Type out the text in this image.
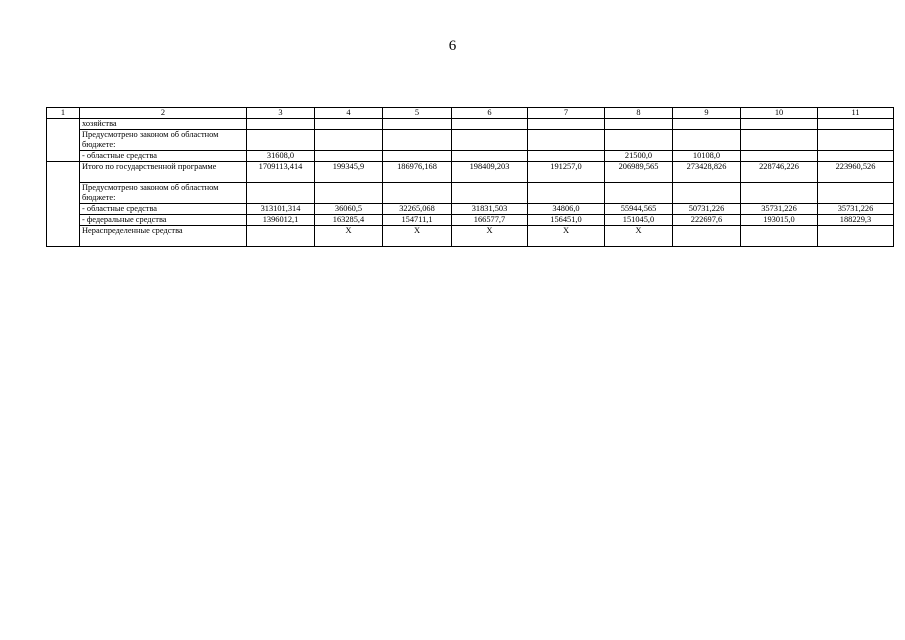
6
1	2	3	4	5	6	7	8	9	10	11
	хозяйства									
	Предусмотрено законом об областном бюджете:									
	- областные средства	31608,0					21500,0	10108,0		
	Итого по государственной программе	1709113,414	199345,9	186976,168	198409,203	191257,0	206989,565	273428,826	228746,226	223960,526
	Предусмотрено законом об областном бюджете:									
	- областные средства	313101,314	36060,5	32265,068	31831,503	34806,0	55944,565	50731,226	35731,226	35731,226
	- федеральные средства	1396012,1	163285,4	154711,1	166577,7	156451,0	151045,0	222697,6	193015,0	188229,3
	Нераспределенные средства		X	X	X	X	X			
